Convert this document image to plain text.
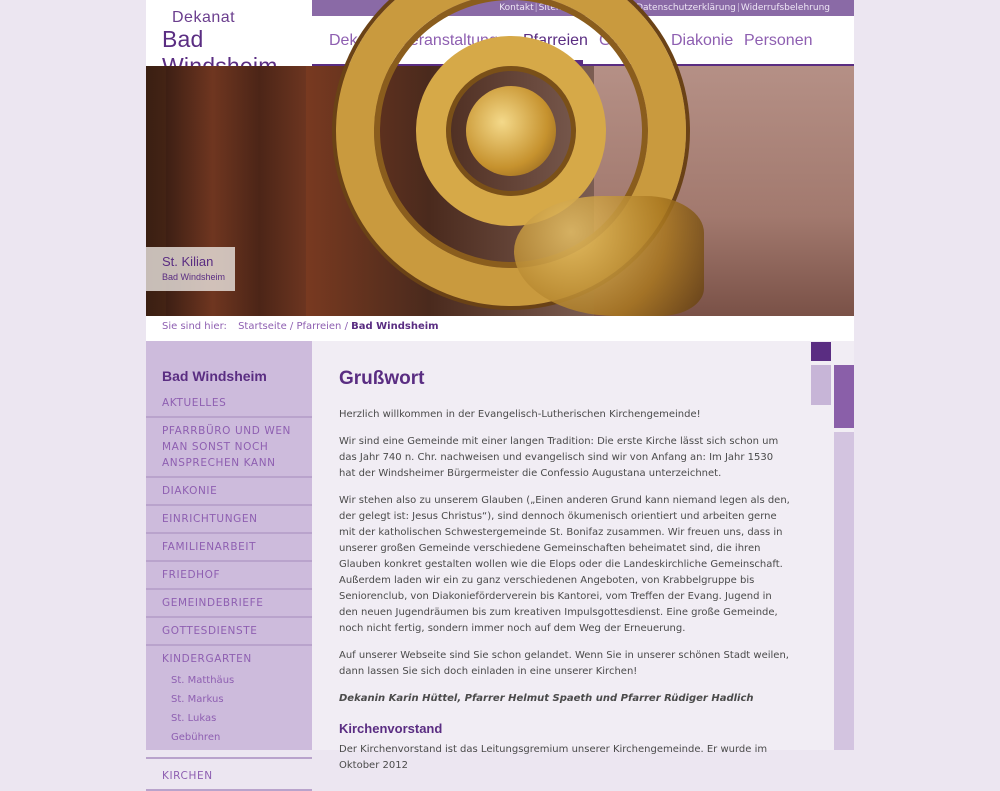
Dekanat
Bad
Kontakt|Sitemap|Impressum|Datenschutzerklärung|Widerrufsbelehrung
Dekanat Veranstaltungen Pfarreien Glauben Diakonie Personen
St. Kilian
Bad Windsheim
Sie sind hier: Startseite / Pfarreien / Bad Windsheim
Bad Windsheim
AKTUELLES
PFARRBÜRO UND WEN MAN SONST NOCH ANSPRECHEN KANN
DIAKONIE
EINRICHTUNGEN
FAMILIENARBEIT
FRIEDHOF
GEMEINDEBRIEFE
GOTTESDIENSTE
KINDERGARTEN
St. Matthäus
St. Markus
St. Lukas
Gebühren
KIRCHEN
Grußwort

Herzlich willkommen in der Evangelisch-Lutherischen Kirchengemeinde!

Wir sind eine Gemeinde mit einer langen Tradition: Die erste Kirche lässt sich schon um das Jahr 740 n. Chr. nachweisen und evangelisch sind wir von Anfang an: Im Jahr 1530 hat der Windsheimer Bürgermeister die Confessio Augustana unterzeichnet.

Wir stehen also zu unserem Glauben („Einen anderen Grund kann niemand legen als den, der gelegt ist: Jesus Christus“), sind dennoch ökumenisch orientiert und arbeiten gerne mit der katholischen Schwestergemeinde St. Bonifaz zusammen. Wir freuen uns, dass in unserer großen Gemeinde verschiedene Gemeinschaften beheimatet sind, die ihren Glauben konkret gestalten wollen wie die Elops oder die Landeskirchliche Gemeinschaft. Außerdem laden wir ein zu ganz verschiedenen Angeboten, von Krabbelgruppe bis Seniorenclub, von Diakonieförderverein bis Kantorei, vom Treffen der Evang. Jugend in den neuen Jugendräumen bis zum kreativen Impulsgottesdienst. Eine große Gemeinde, noch nicht fertig, sondern immer noch auf dem Weg der Erneuerung.

Auf unserer Webseite sind Sie schon gelandet. Wenn Sie in unserer schönen Stadt weilen, dann lassen Sie sich doch einladen in eine unserer Kirchen!

Dekanin Karin Hüttel, Pfarrer Helmut Spaeth und Pfarrer Rüdiger Hadlich

Kirchenvorstand

Der Kirchenvorstand ist das Leitungsgremium unserer Kirchengemeinde. Er wurde im Oktober 2012
